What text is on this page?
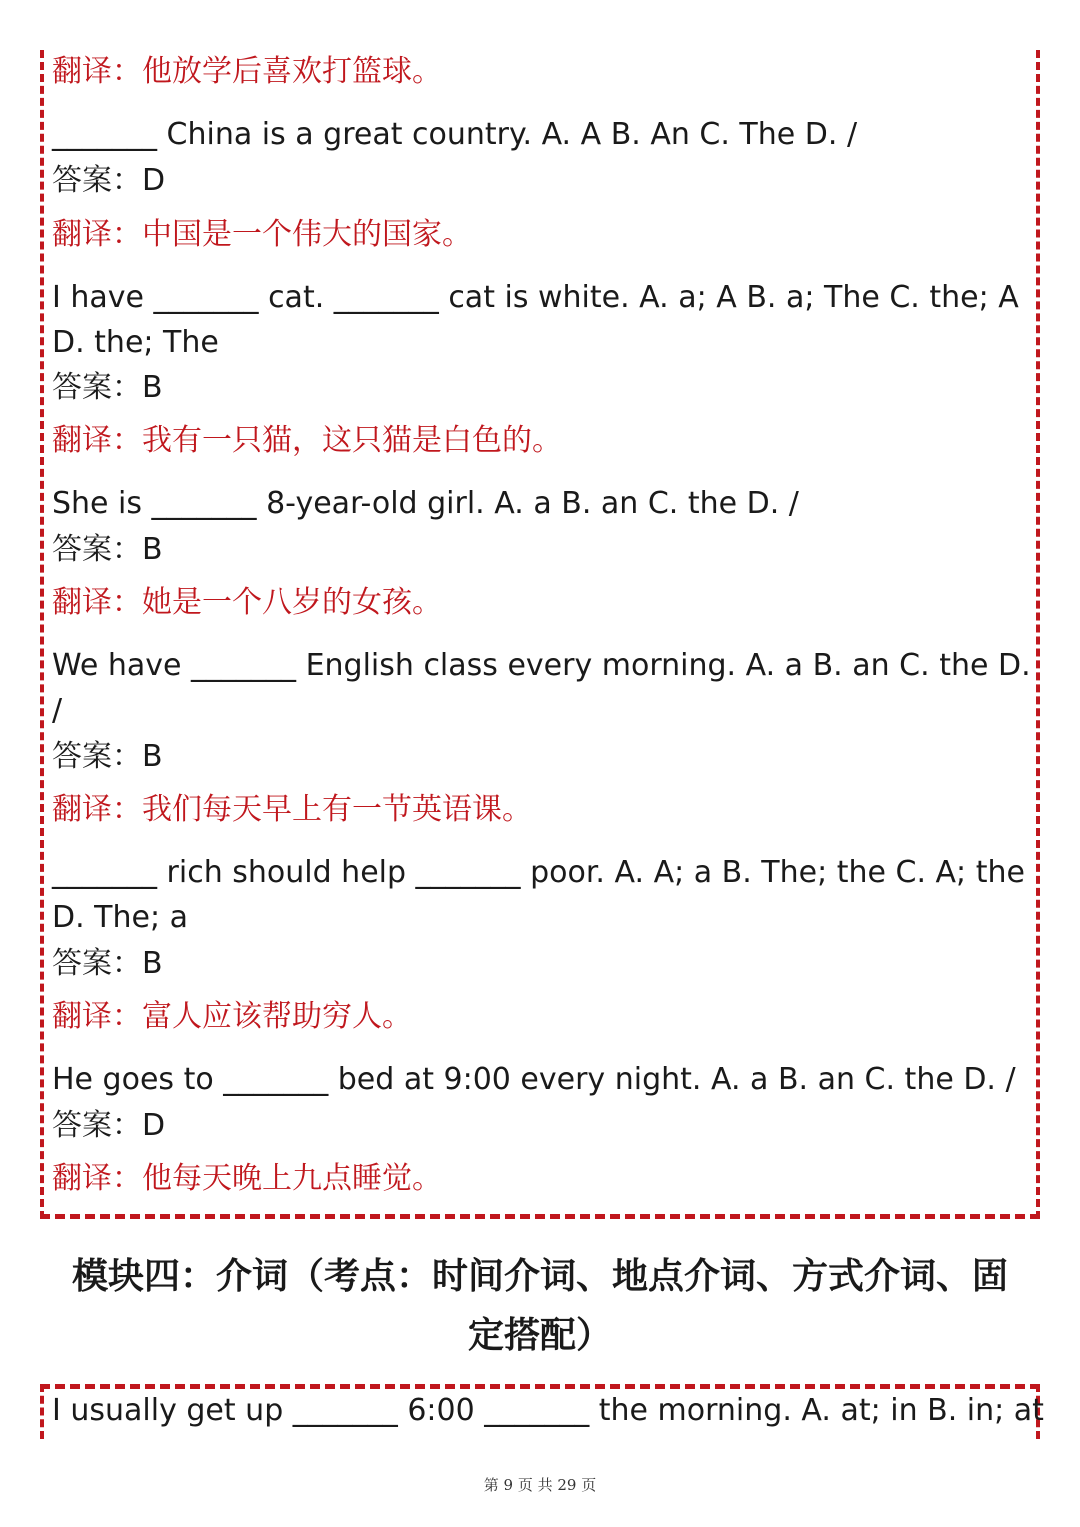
翻译：他放学后喜欢打篮球。
_______ China is a great country. A. A B. An C. The D. /
答案：D
翻译：中国是一个伟大的国家。
I have _______ cat. _______ cat is white. A. a; A B. a; The C. the; A
D. the; The
答案：B
翻译：我有一只猫，这只猫是白色的。
She is _______ 8-year-old girl. A. a B. an C. the D. /
答案：B
翻译：她是一个八岁的女孩。
We have _______ English class every morning. A. a B. an C. the D.
/
答案：B
翻译：我们每天早上有一节英语课。
_______ rich should help _______ poor. A. A; a B. The; the C. A; the
D. The; a
答案：B
翻译：富人应该帮助穷人。
He goes to _______ bed at 9:00 every night. A. a B. an C. the D. /
答案：D
翻译：他每天晚上九点睡觉。
模块四：介词（考点：时间介词、地点介词、方式介词、固
定搭配）
I usually get up _______ 6:00 _______ the morning. A. at; in B. in; at
第 9 页 共 29 页
